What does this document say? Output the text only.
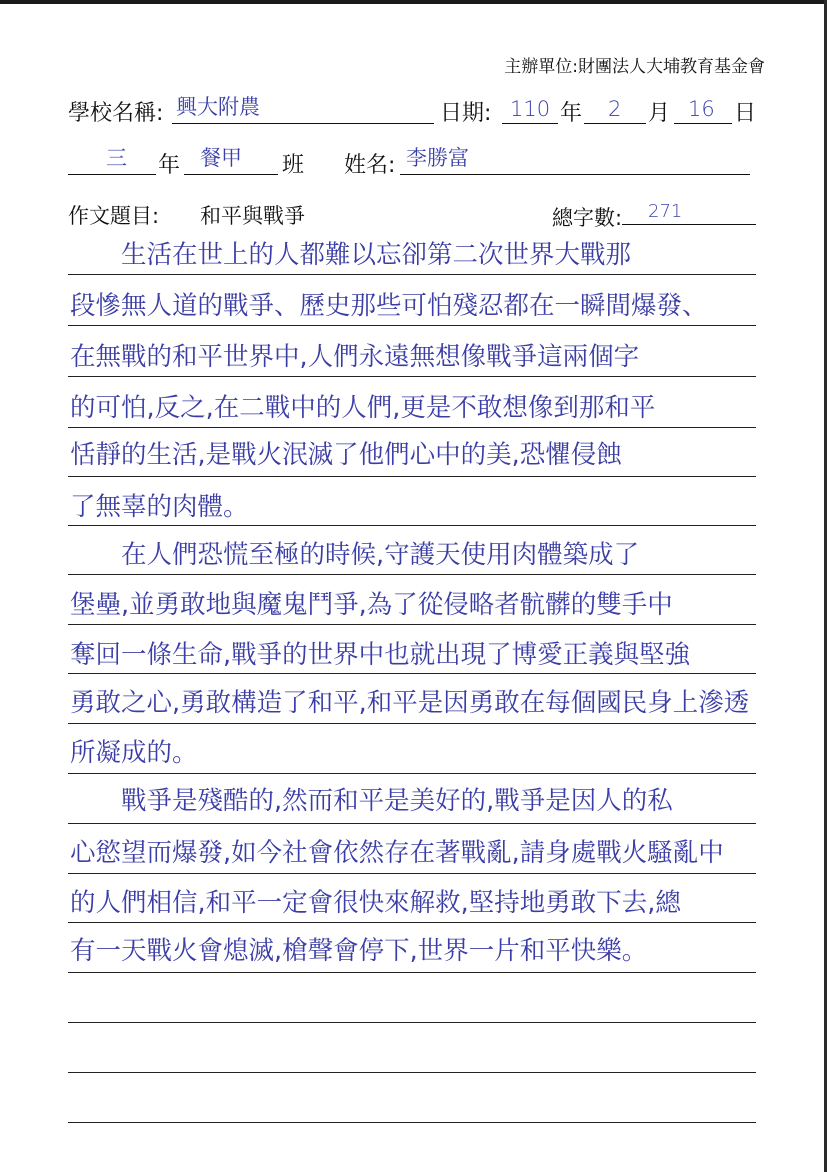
主辦單位:財團法人大埔教育基金會
學校名稱: 興大附農	日期: 110 年 2 月 16 日
三 年 餐甲 班 姓名: 李勝富
作文題目: 和平與戰爭	總字數: 271
　　生活在世上的人都難以忘卻第二次世界大戰那
段慘無人道的戰爭、歷史那些可怕殘忍都在一瞬間爆發、
在無戰的和平世界中,人們永遠無想像戰爭這兩個字
的可怕,反之,在二戰中的人們,更是不敢想像到那和平
恬靜的生活,是戰火泯滅了他們心中的美,恐懼侵蝕
了無辜的肉體。
　　在人們恐慌至極的時候,守護天使用肉體築成了
堡壘,並勇敢地與魔鬼鬥爭,為了從侵略者骯髒的雙手中
奪回一條生命,戰爭的世界中也就出現了博愛正義與堅強
勇敢之心,勇敢構造了和平,和平是因勇敢在每個國民身上滲透
所凝成的。
　　戰爭是殘酷的,然而和平是美好的,戰爭是因人的私
心慾望而爆發,如今社會依然存在著戰亂,請身處戰火騷亂中
的人們相信,和平一定會很快來解救,堅持地勇敢下去,總
有一天戰火會熄滅,槍聲會停下,世界一片和平快樂。
